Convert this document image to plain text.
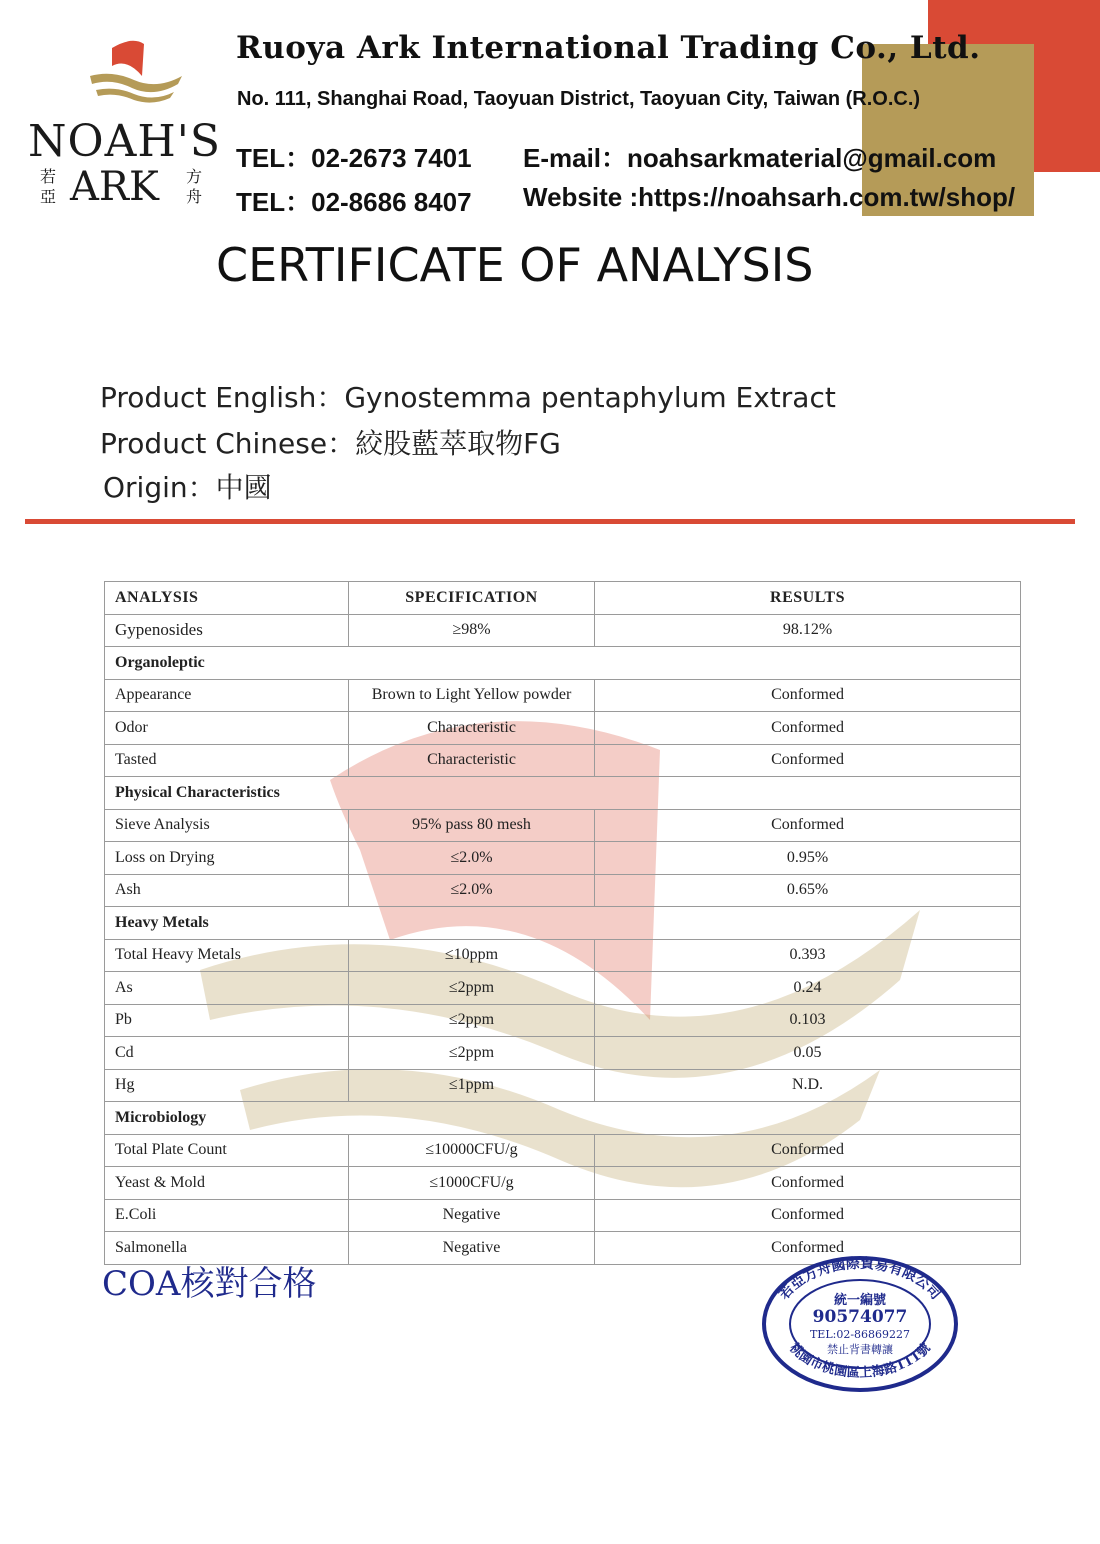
NOAH'S
若亞 ARK 方舟
Ruoya Ark International Trading Co., Ltd.
No. 111, Shanghai Road, Taoyuan District, Taoyuan City, Taiwan (R.O.C.)
TEL：02-2673 7401
TEL：02-8686 8407
E-mail：noahsarkmaterial@gmail.com
Website :https://noahsarh.com.tw/shop/
CERTIFICATE OF ANALYSIS
Product English：Gynostemma pentaphylum Extract
Product Chinese：絞股藍萃取物FG
Origin：中國
ANALYSIS	SPECIFICATION	RESULTS
Gypenosides	≥98%	98.12%
Organoleptic		
Appearance	Brown to Light Yellow powder	Conformed
Odor	Characteristic	Conformed
Tasted	Characteristic	Conformed
Physical Characteristics		
Sieve Analysis	95% pass 80 mesh	Conformed
Loss on Drying	≤2.0%	0.95%
Ash	≤2.0%	0.65%
Heavy Metals		
Total Heavy Metals	≤10ppm	0.393
As	≤2ppm	0.24
Pb	≤2ppm	0.103
Cd	≤2ppm	0.05
Hg	≤1ppm	N.D.
Microbiology		
Total Plate Count	≤10000CFU/g	Conformed
Yeast & Mold	≤1000CFU/g	Conformed
E.Coli	Negative	Conformed
Salmonella	Negative	Conformed
COA核對合格	若亞方舟國際貿易有限公司
桃園市桃園區上海路111號
統一編號
90574077
TEL:02-86869227
禁止背書轉讓
